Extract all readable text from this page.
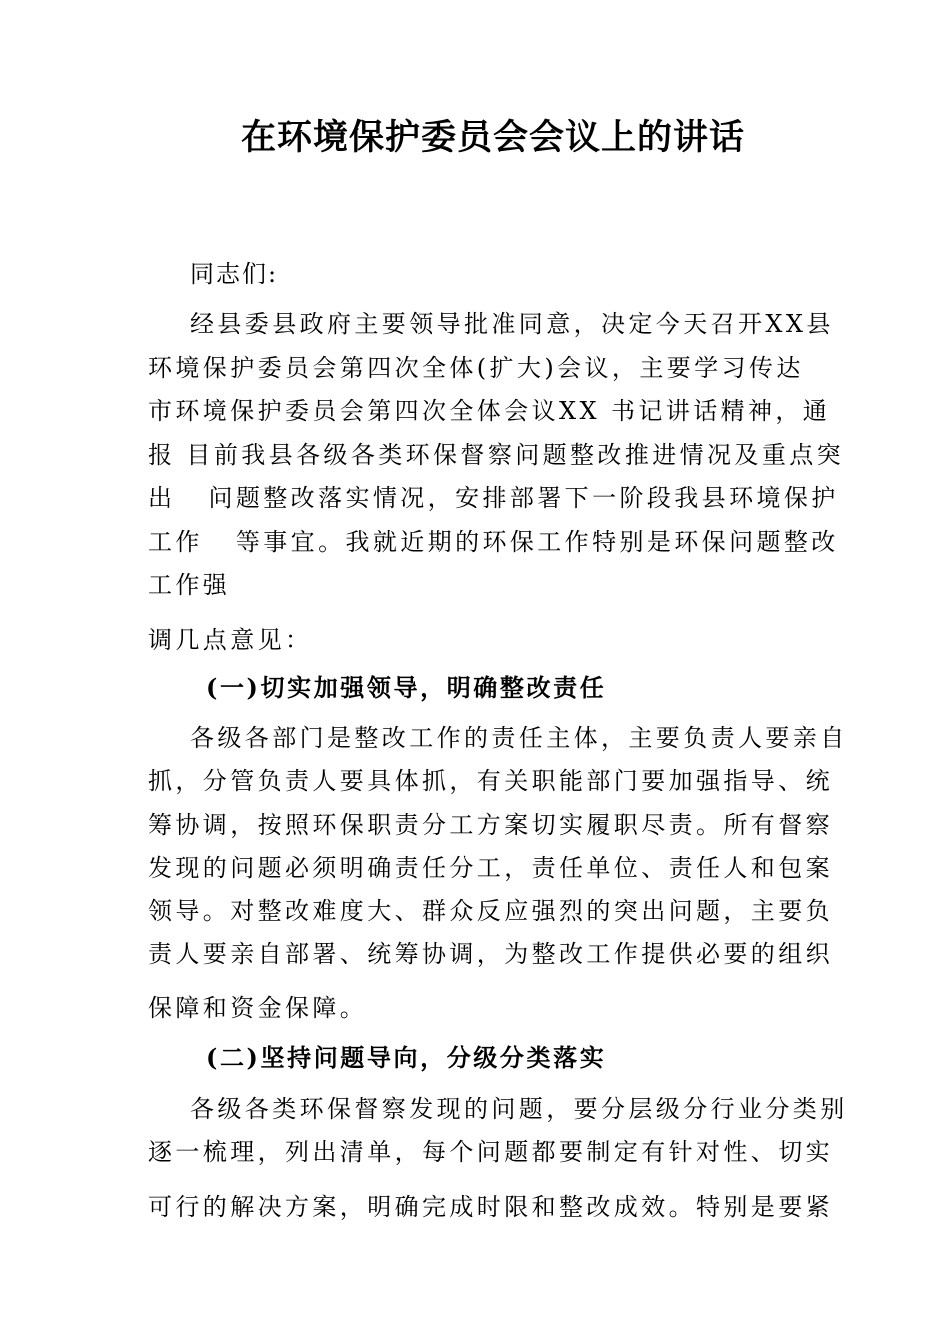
在环境保护委员会会议上的讲话
同志们:
经县委县政府主要领导批准同意，决定今天召开XX县
环境保护委员会第四次全体(扩大)会议，主要学习传达
市环境保护委员会第四次全体会议XX 书记讲话精神，通
报 目前我县各级各类环保督察问题整改推进情况及重点突
出   问题整改落实情况，安排部署下一阶段我县环境保护
工作   等事宜。我就近期的环保工作特别是环保问题整改
工作强
调几点意见：
(一)切实加强领导，明确整改责任
各级各部门是整改工作的责任主体，主要负责人要亲自
抓，分管负责人要具体抓，有关职能部门要加强指导、统
筹协调，按照环保职责分工方案切实履职尽责。所有督察
发现的问题必须明确责任分工，责任单位、责任人和包案
领导。对整改难度大、群众反应强烈的突出问题，主要负
责人要亲自部署、统筹协调，为整改工作提供必要的组织
保障和资金保障。
(二)坚持问题导向，分级分类落实
各级各类环保督察发现的问题，要分层级分行业分类别
逐一梳理，列出清单，每个问题都要制定有针对性、切实
可行的解决方案，明确完成时限和整改成效。特别是要紧
